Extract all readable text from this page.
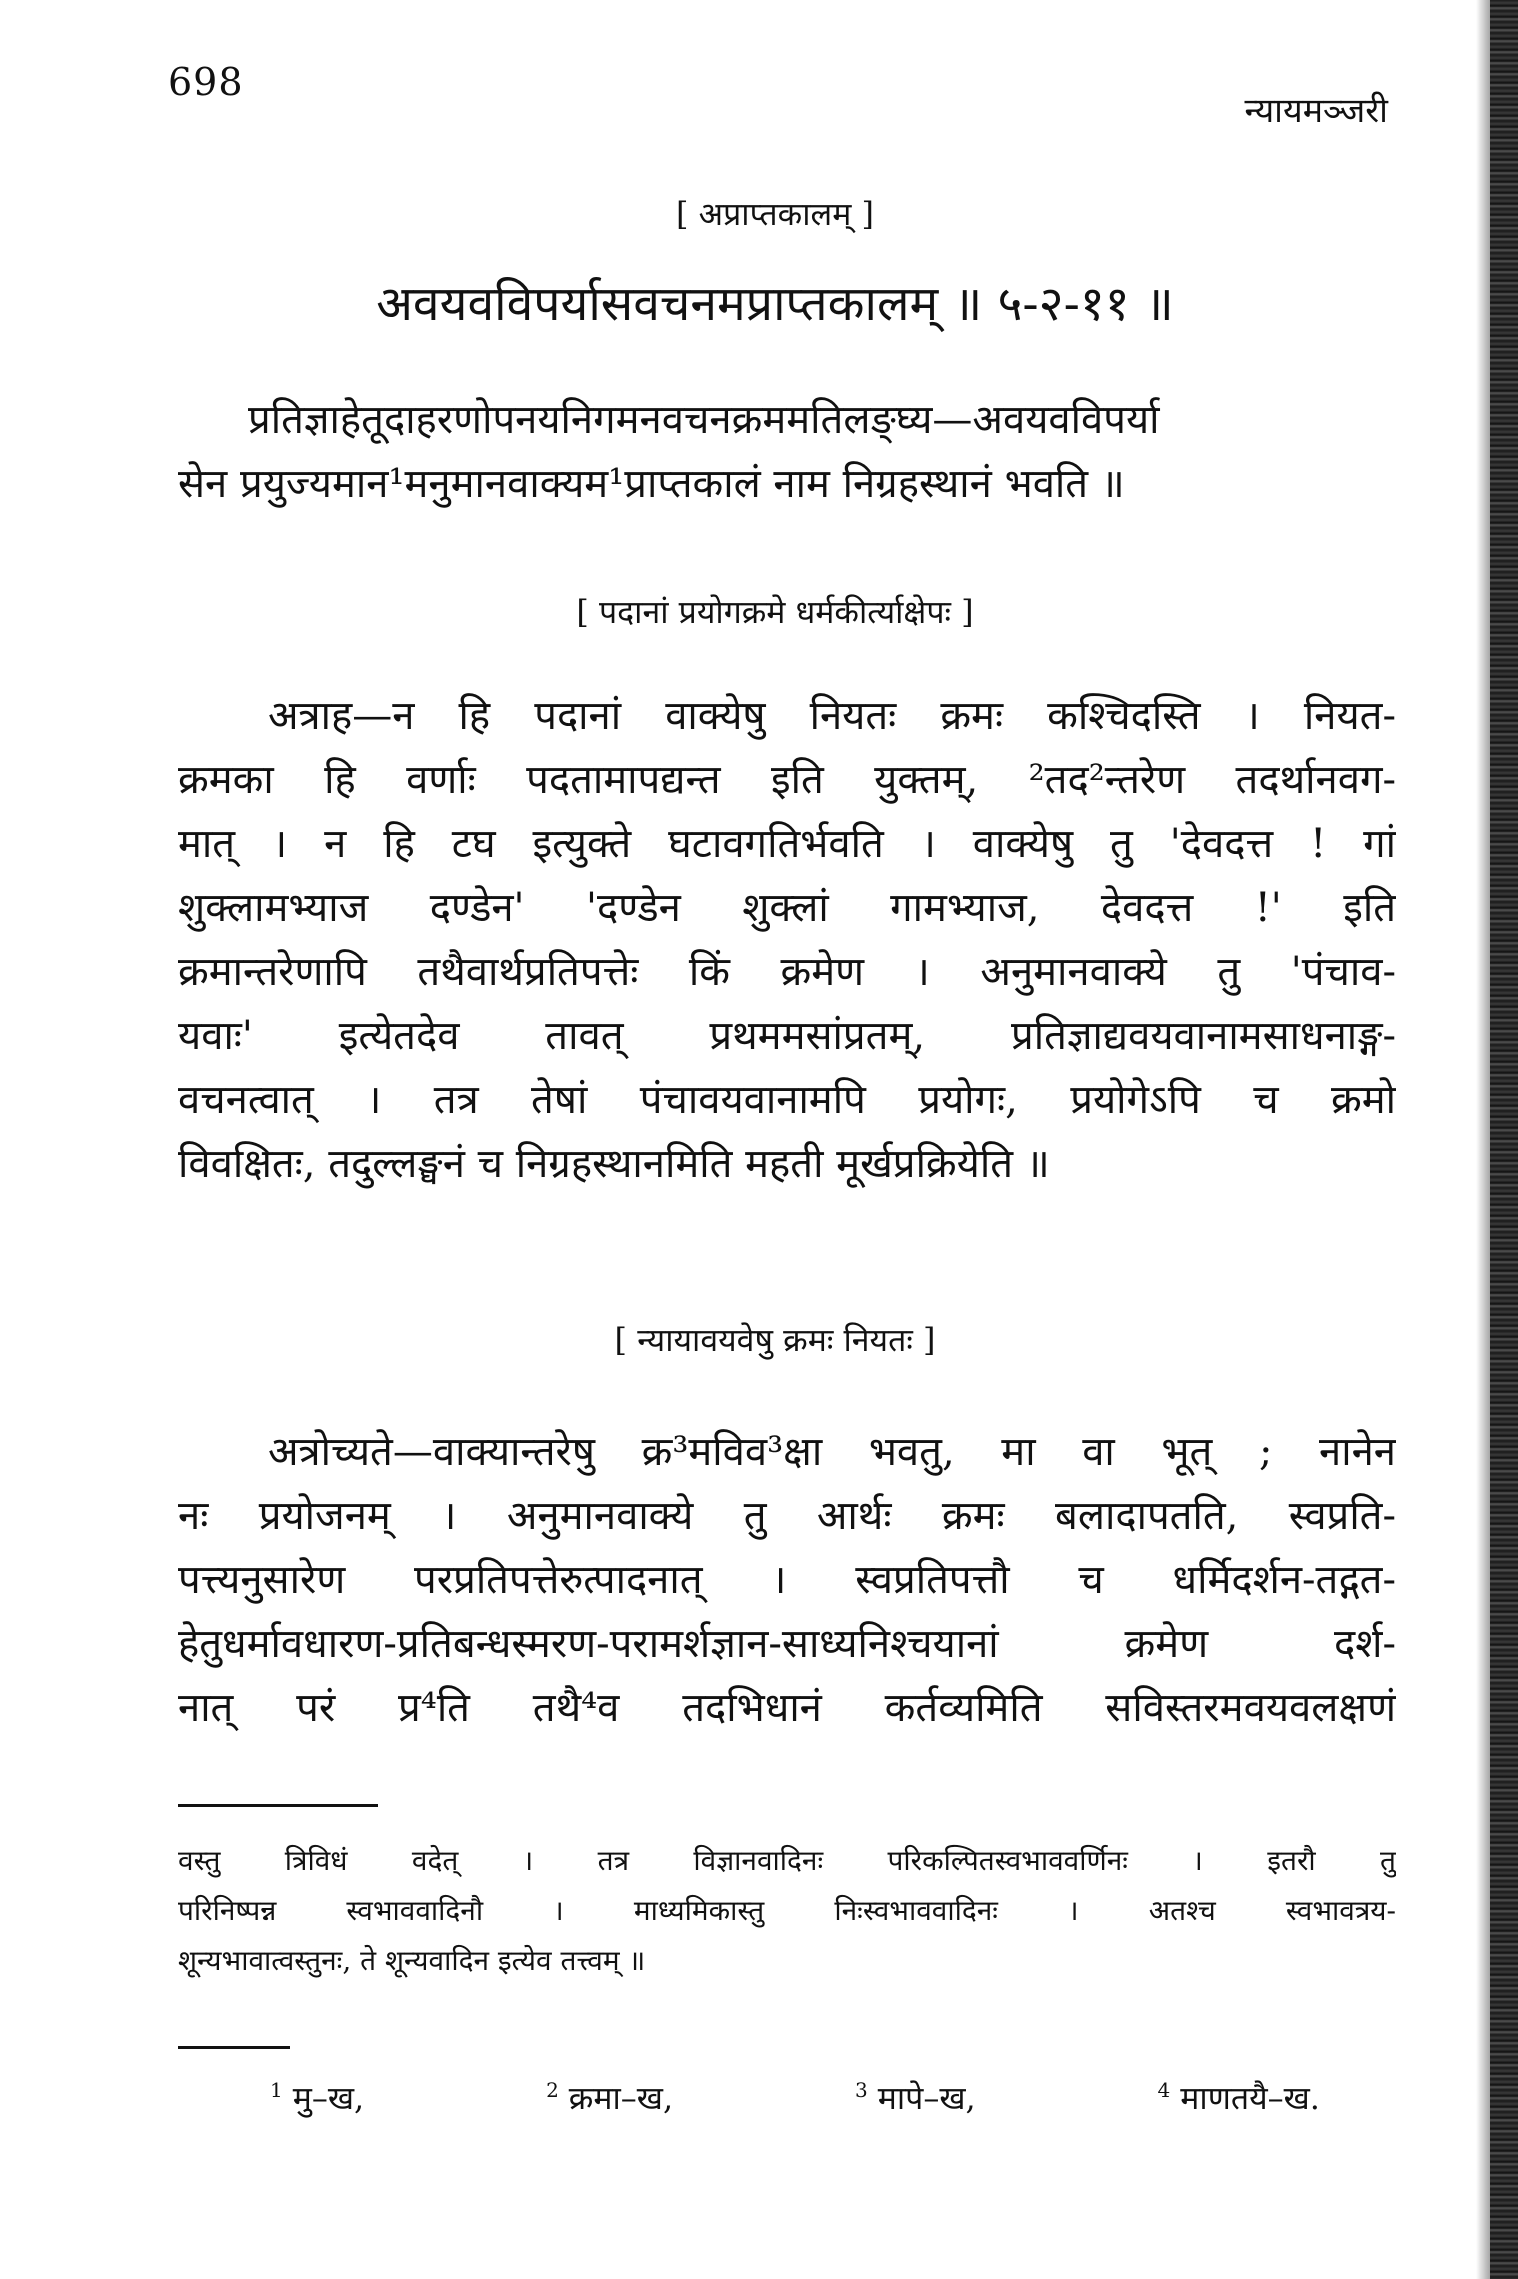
698
न्यायमञ्जरी
[ अप्राप्तकालम् ]
अवयवविपर्यासवचनमप्राप्तकालम् ॥ ५-२-११ ॥
प्रतिज्ञाहेतूदाहरणोपनयनिगमनवचनक्रममतिलङ्घ्य—अवयवविपर्या
सेन प्रयुज्यमान¹मनुमानवाक्यम¹प्राप्तकालं नाम निग्रहस्थानं भवति ॥
[ पदानां प्रयोगक्रमे धर्मकीर्त्याक्षेपः ]
अत्राह—न हि पदानां वाक्येषु नियतः क्रमः कश्चिदस्ति । नियत-
क्रमका हि वर्णाः पदतामापद्यन्त इति युक्तम्, ²तद²न्तरेण तदर्थानवग-
मात् । न हि टघ इत्युक्ते घटावगतिर्भवति । वाक्येषु तु 'देवदत्त ! गां
शुक्लामभ्याज दण्डेन' 'दण्डेन शुक्लां गामभ्याज, देवदत्त !' इति
क्रमान्तरेणापि तथैवार्थप्रतिपत्तेः किं क्रमेण । अनुमानवाक्ये तु 'पंचाव-
यवाः' इत्येतदेव तावत् प्रथममसांप्रतम्, प्रतिज्ञाद्यवयवानामसाधनाङ्ग-
वचनत्वात् । तत्र तेषां पंचावयवानामपि प्रयोगः, प्रयोगेऽपि च क्रमो
विवक्षितः, तदुल्लङ्घनं च निग्रहस्थानमिति महती मूर्खप्रक्रियेति ॥
[ न्यायावयवेषु क्रमः नियतः ]
अत्रोच्यते—वाक्यान्तरेषु क्र³मविव³क्षा भवतु, मा वा भूत् ; नानेन
नः प्रयोजनम् । अनुमानवाक्ये तु आर्थः क्रमः बलादापतति, स्वप्रति-
पत्त्यनुसारेण परप्रतिपत्तेरुत्पादनात् । स्वप्रतिपत्तौ च धर्मिदर्शन-तद्गत-
हेतुधर्मावधारण-प्रतिबन्धस्मरण-परामर्शज्ञान-साध्यनिश्चयानां क्रमेण दर्श-
नात् परं प्र⁴ति तथै⁴व तदभिधानं कर्तव्यमिति सविस्तरमवयवलक्षणं
वस्तु त्रिविधं वदेत् । तत्र विज्ञानवादिनः परिकल्पितस्वभाववर्णिनः । इतरौ तु
परिनिष्पन्न स्वभाववादिनौ । माध्यमिकास्तु निःस्वभाववादिनः । अतश्च स्वभावत्रय-
शून्यभावात्वस्तुनः, ते शून्यवादिन इत्येव तत्त्वम् ॥
$^1$ मु–ख,	$^2$ क्रमा–ख,	$^3$ मापे–ख,	$^4$ माणतयै–ख.
